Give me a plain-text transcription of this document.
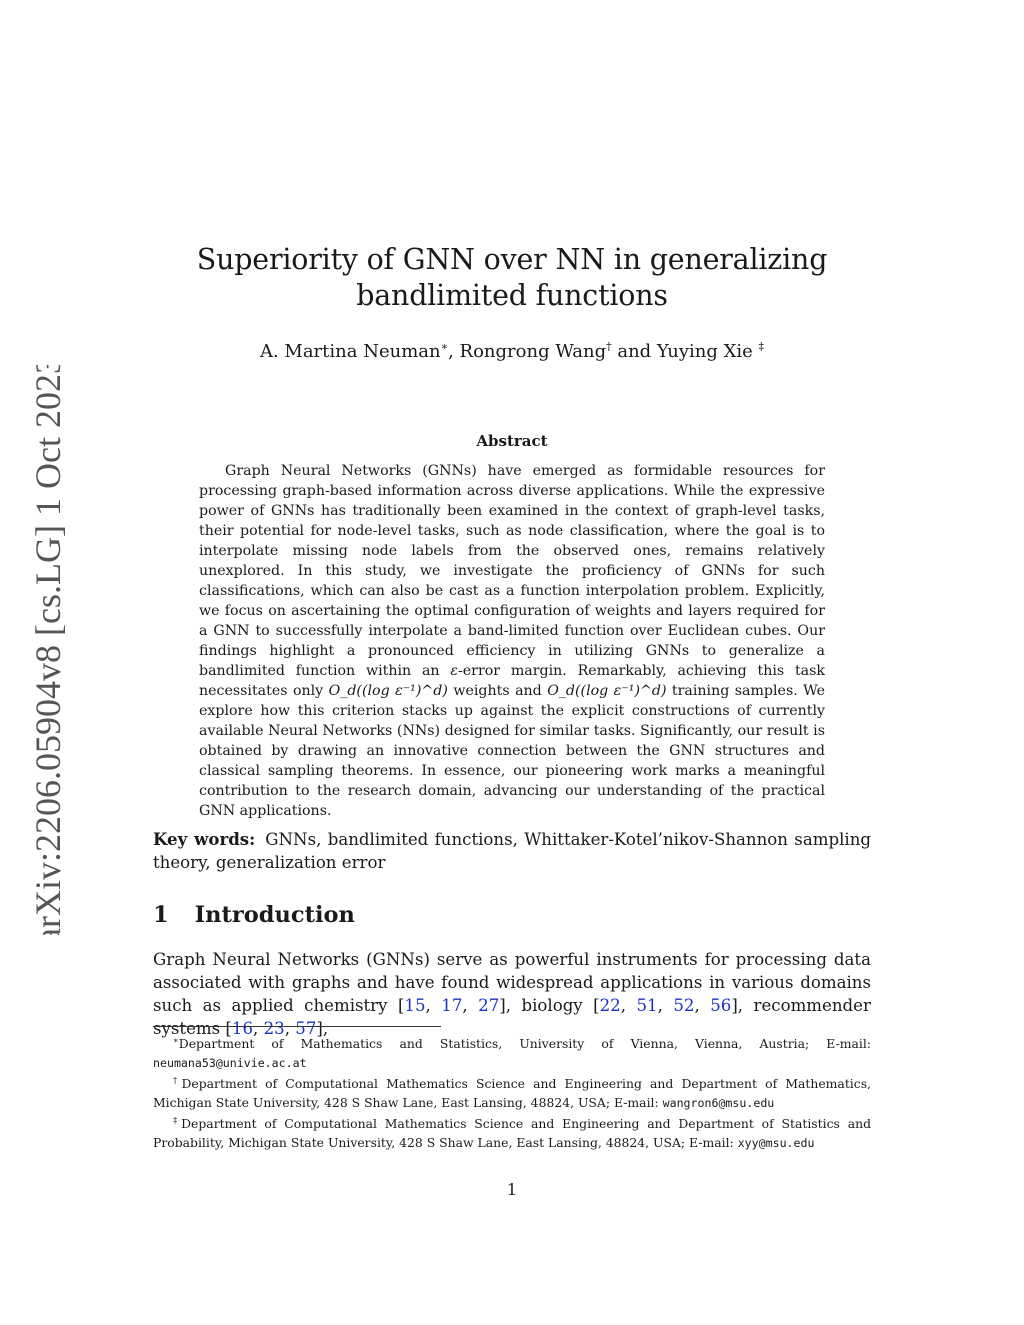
arXiv:2206.05904v8 [cs.LG] 1 Oct 2023
Superiority of GNN over NN in generalizing bandlimited functions
A. Martina Neuman∗, Rongrong Wang† and Yuying Xie ‡
Abstract
Graph Neural Networks (GNNs) have emerged as formidable resources for processing graph-based information across diverse applications. While the expressive power of GNNs has traditionally been examined in the context of graph-level tasks, their potential for node-level tasks, such as node classification, where the goal is to interpolate missing node labels from the observed ones, remains relatively unexplored. In this study, we investigate the proficiency of GNNs for such classifications, which can also be cast as a function interpolation problem. Explicitly, we focus on ascertaining the optimal configuration of weights and layers required for a GNN to successfully interpolate a band-limited function over Euclidean cubes. Our findings highlight a pronounced efficiency in utilizing GNNs to generalize a bandlimited function within an ε-error margin. Remarkably, achieving this task necessitates only O_d((log ε⁻¹)^d) weights and O_d((log ε⁻¹)^d) training samples. We explore how this criterion stacks up against the explicit constructions of currently available Neural Networks (NNs) designed for similar tasks. Significantly, our result is obtained by drawing an innovative connection between the GNN structures and classical sampling theorems. In essence, our pioneering work marks a meaningful contribution to the research domain, advancing our understanding of the practical GNN applications.
Key words: GNNs, bandlimited functions, Whittaker-Kotel’nikov-Shannon sampling theory, generalization error
1 Introduction
Graph Neural Networks (GNNs) serve as powerful instruments for processing data associated with graphs and have found widespread applications in various domains such as applied chemistry [15, 17, 27], biology [22, 51, 52, 56], recommender systems [16, 23, 57],
∗Department of Mathematics and Statistics, University of Vienna, Vienna, Austria; E-mail: neumana53@univie.ac.at
†Department of Computational Mathematics Science and Engineering and Department of Mathematics, Michigan State University, 428 S Shaw Lane, East Lansing, 48824, USA; E-mail: wangron6@msu.edu
‡Department of Computational Mathematics Science and Engineering and Department of Statistics and Probability, Michigan State University, 428 S Shaw Lane, East Lansing, 48824, USA; E-mail: xyy@msu.edu
1
